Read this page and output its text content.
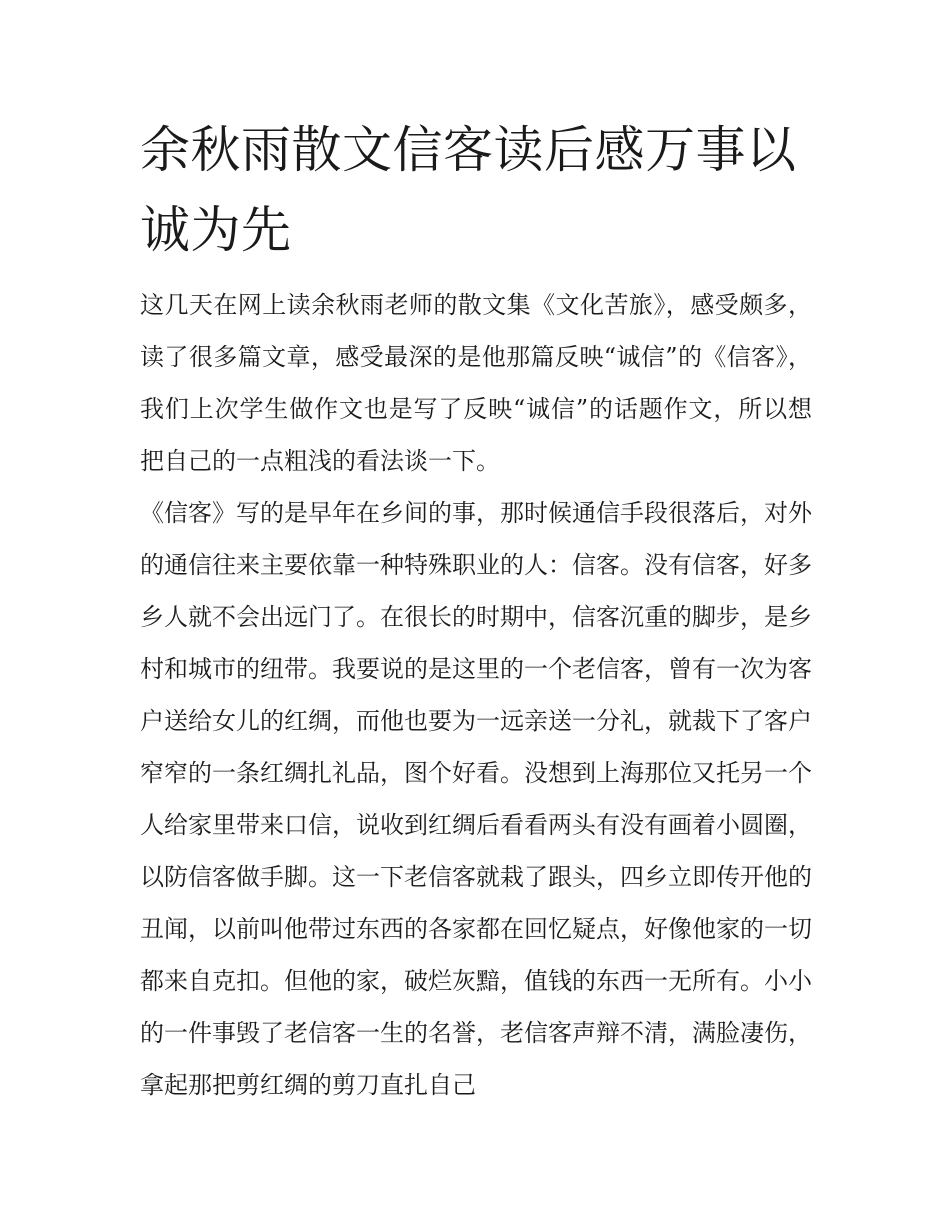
余秋雨散文信客读后感万事以诚为先

这几天在网上读余秋雨老师的散文集《文化苦旅》，感受颇多，读了很多篇文章，感受最深的是他那篇反映“诚信”的《信客》，我们上次学生做作文也是写了反映“诚信”的话题作文，所以想把自己的一点粗浅的看法谈一下。

《信客》写的是早年在乡间的事，那时候通信手段很落后，对外的通信往来主要依靠一种特殊职业的人：信客。没有信客，好多乡人就不会出远门了。在很长的时期中，信客沉重的脚步，是乡村和城市的纽带。我要说的是这里的一个老信客，曾有一次为客户送给女儿的红绸，而他也要为一远亲送一分礼，就裁下了客户窄窄的一条红绸扎礼品，图个好看。没想到上海那位又托另一个人给家里带来口信，说收到红绸后看看两头有没有画着小圆圈，以防信客做手脚。这一下老信客就栽了跟头，四乡立即传开他的丑闻，以前叫他带过东西的各家都在回忆疑点，好像他家的一切都来自克扣。但他的家，破烂灰黯，值钱的东西一无所有。小小的一件事毁了老信客一生的名誉，老信客声辩不清，满脸凄伤，拿起那把剪红绸的剪刀直扎自己
